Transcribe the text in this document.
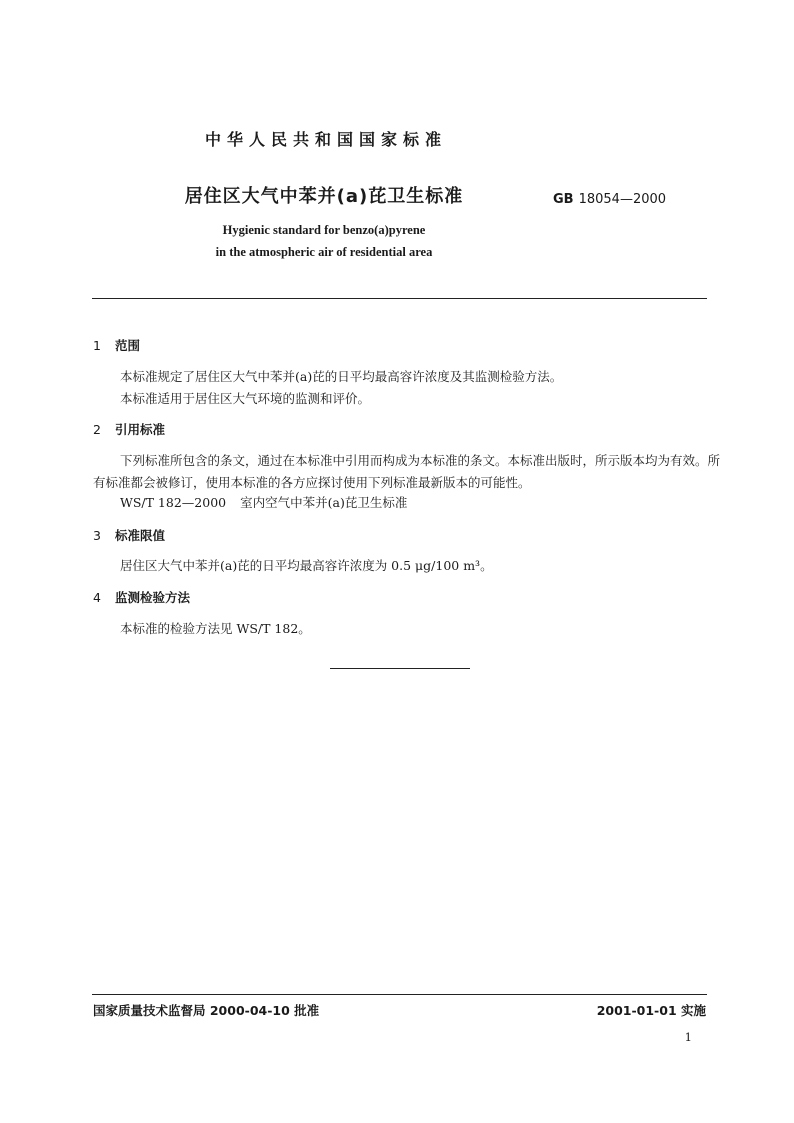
中华人民共和国国家标准
居住区大气中苯并(a)芘卫生标准	GB 18054—2000
Hygienic standard for benzo(a)pyrene
in the atmospheric air of residential area
1 范围
本标准规定了居住区大气中苯并(a)芘的日平均最高容许浓度及其监测检验方法。
本标准适用于居住区大气环境的监测和评价。
2 引用标准
下列标准所包含的条文，通过在本标准中引用而构成为本标准的条文。本标准出版时，所示版本均为有效。所有标准都会被修订，使用本标准的各方应探讨使用下列标准最新版本的可能性。
WS/T 182—2000 室内空气中苯并(a)芘卫生标准
3 标准限值
居住区大气中苯并(a)芘的日平均最高容许浓度为 0.5 μg/100 m³。
4 监测检验方法
本标准的检验方法见 WS/T 182。
国家质量技术监督局 2000-04-10 批准	2001-01-01 实施
1
